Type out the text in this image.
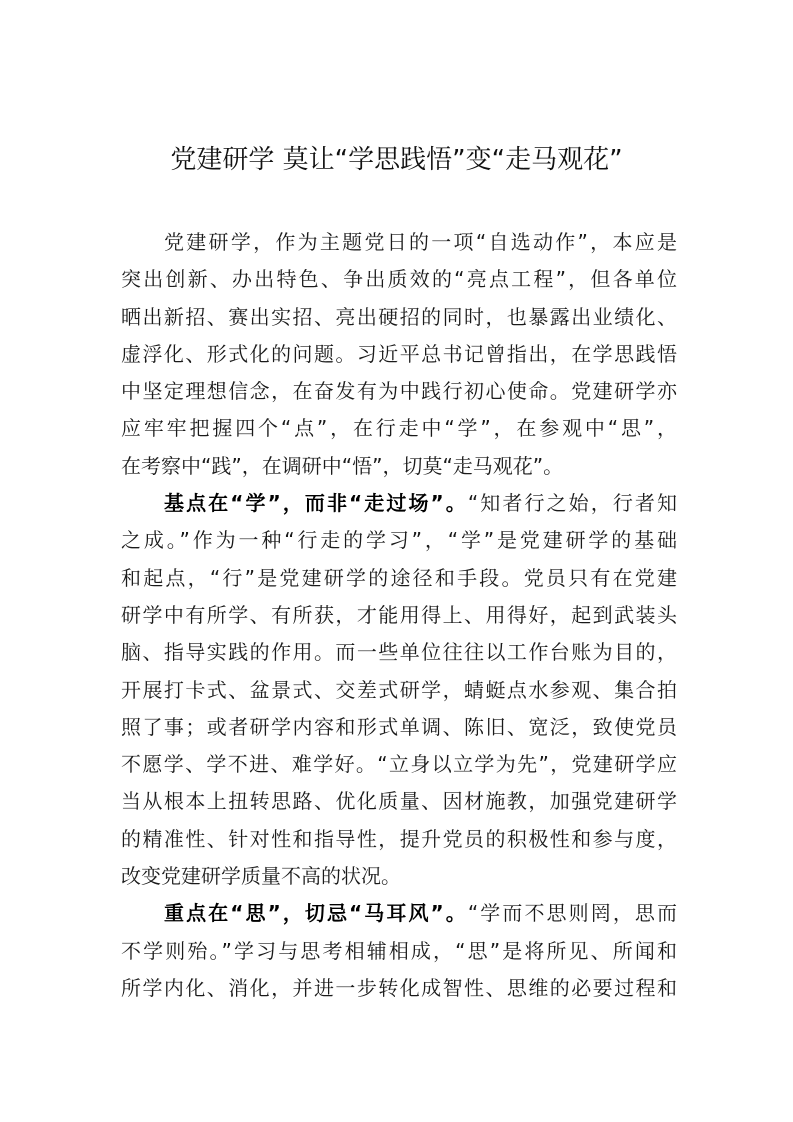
党建研学 莫让“学思践悟”变“走马观花”
党建研学，作为主题党日的一项“自选动作”，本应是
突出创新、办出特色、争出质效的“亮点工程”，但各单位
晒出新招、赛出实招、亮出硬招的同时，也暴露出业绩化、
虚浮化、形式化的问题。习近平总书记曾指出，在学思践悟
中坚定理想信念，在奋发有为中践行初心使命。党建研学亦
应牢牢把握四个“点”，在行走中“学”，在参观中“思”，
在考察中“践”，在调研中“悟”，切莫“走马观花”。
基点在“学”，而非“走过场”。“知者行之始，行者知
之成。”作为一种“行走的学习”，“学”是党建研学的基础
和起点，“行”是党建研学的途径和手段。党员只有在党建
研学中有所学、有所获，才能用得上、用得好，起到武装头
脑、指导实践的作用。而一些单位往往以工作台账为目的，
开展打卡式、盆景式、交差式研学，蜻蜓点水参观、集合拍
照了事；或者研学内容和形式单调、陈旧、宽泛，致使党员
不愿学、学不进、难学好。“立身以立学为先”，党建研学应
当从根本上扭转思路、优化质量、因材施教，加强党建研学
的精准性、针对性和指导性，提升党员的积极性和参与度，
改变党建研学质量不高的状况。
重点在“思”，切忌“马耳风”。“学而不思则罔，思而
不学则殆。”学习与思考相辅相成，“思”是将所见、所闻和
所学内化、消化，并进一步转化成智性、思维的必要过程和
